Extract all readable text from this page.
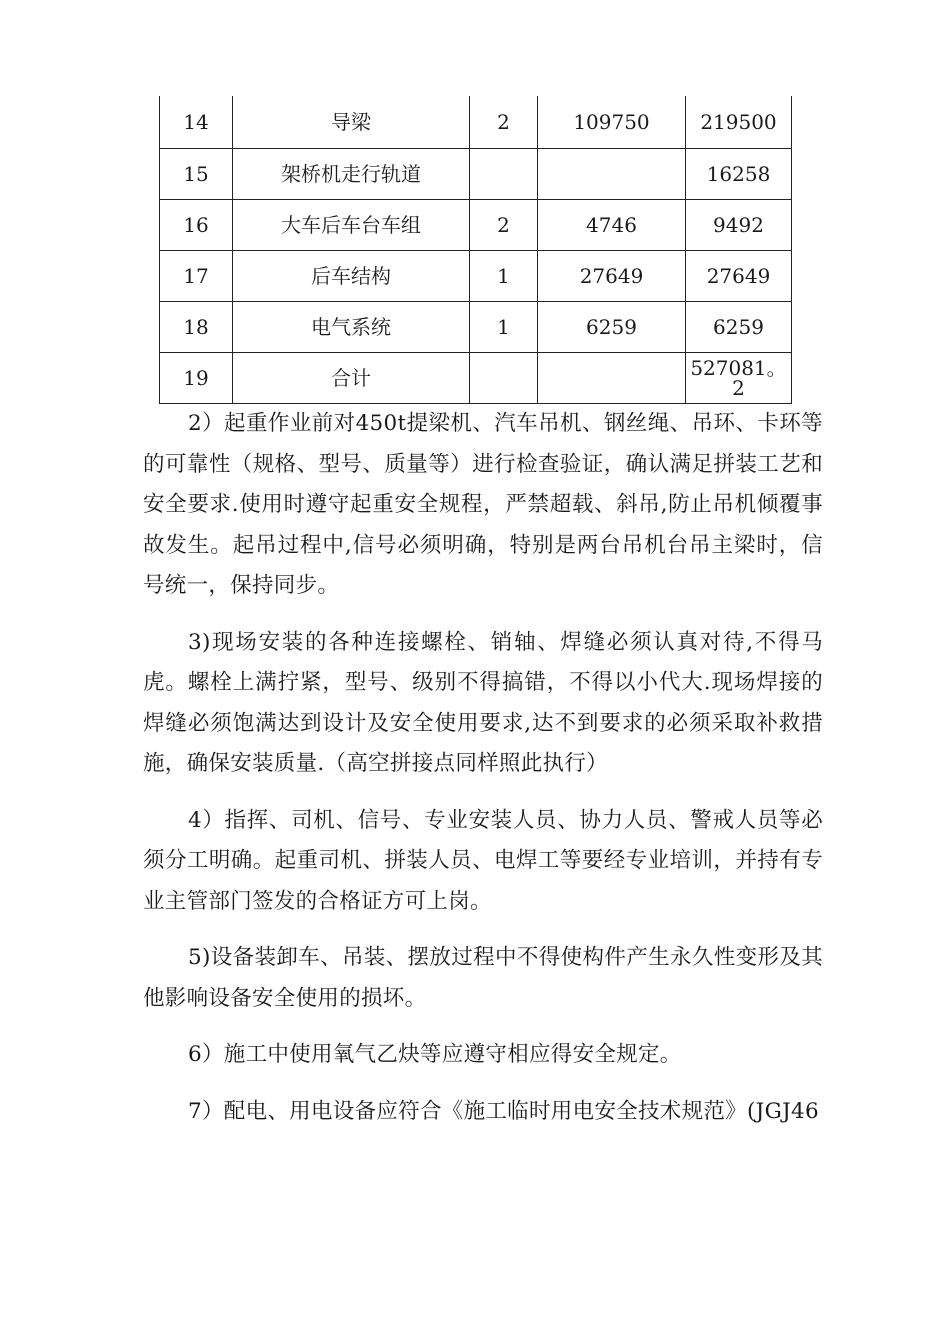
14	导梁	2	109750	219500
15	架桥机走行轨道			16258
16	大车后车台车组	2	4746	9492
17	后车结构	1	27649	27649
18	电气系统	1	6259	6259
19	合计			527081。2

2）起重作业前对450t提梁机、汽车吊机、钢丝绳、吊环、卡环等的可靠性（规格、型号、质量等）进行检查验证，确认满足拼装工艺和安全要求.使用时遵守起重安全规程，严禁超载、斜吊,防止吊机倾覆事故发生。起吊过程中,信号必须明确，特别是两台吊机台吊主梁时，信号统一，保持同步。

3)现场安装的各种连接螺栓、销轴、焊缝必须认真对待,不得马虎。螺栓上满拧紧，型号、级别不得搞错，不得以小代大.现场焊接的焊缝必须饱满达到设计及安全使用要求,达不到要求的必须采取补救措施，确保安装质量.（高空拼接点同样照此执行）

4）指挥、司机、信号、专业安装人员、协力人员、警戒人员等必须分工明确。起重司机、拼装人员、电焊工等要经专业培训，并持有专业主管部门签发的合格证方可上岗。

5)设备装卸车、吊装、摆放过程中不得使构件产生永久性变形及其他影响设备安全使用的损坏。

6）施工中使用氧气乙炔等应遵守相应得安全规定。

7）配电、用电设备应符合《施工临时用电安全技术规范》(JGJ46
